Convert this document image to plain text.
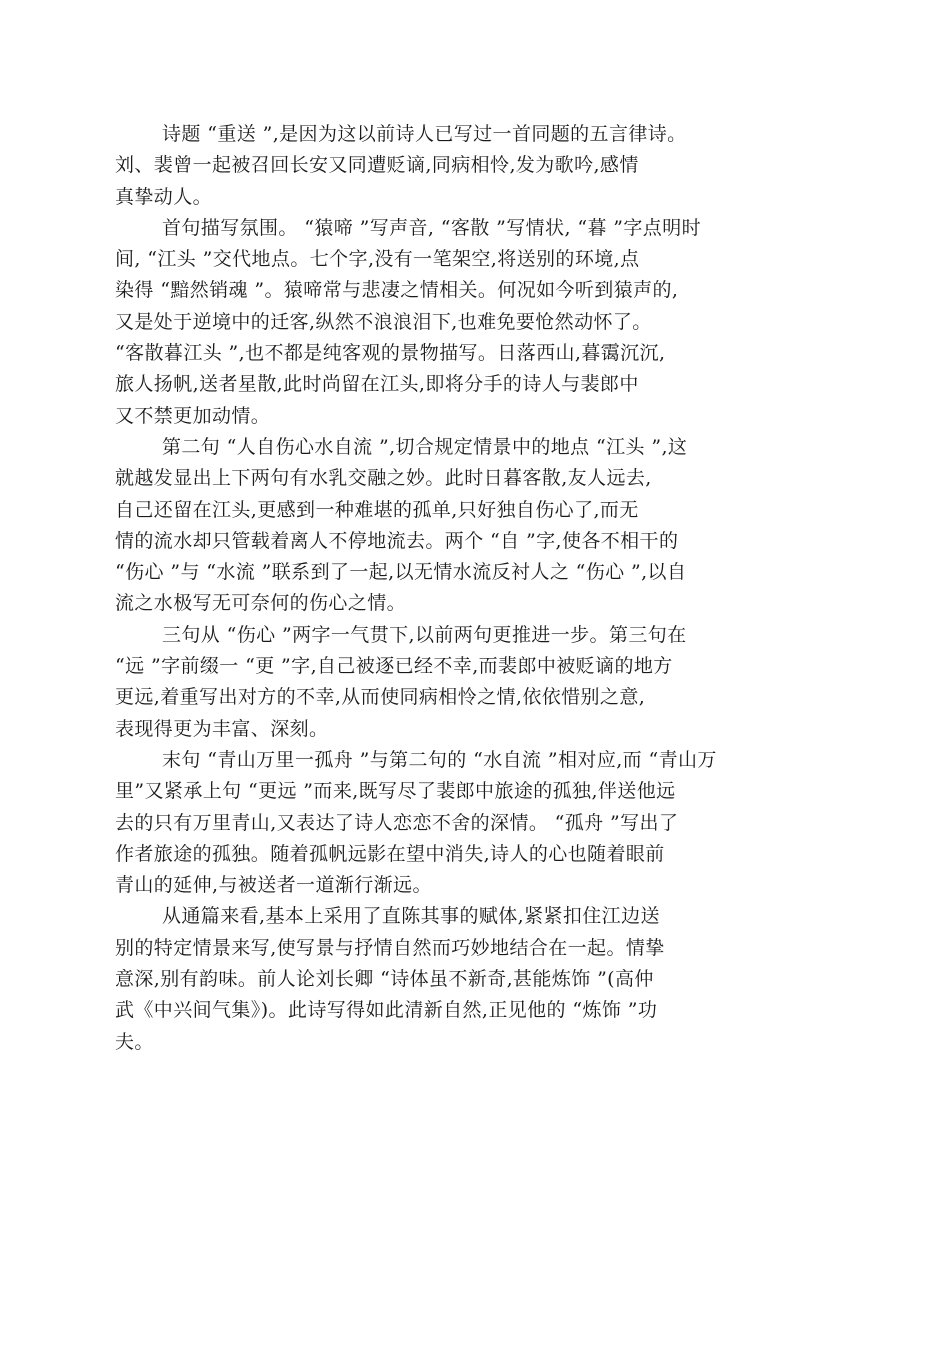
诗题 “重送 ”,是因为这以前诗人已写过一首同题的五言律诗。
刘、裴曾一起被召回长安又同遭贬谪,同病相怜,发为歌吟,感情
真挚动人。
首句描写氛围。 “猿啼 ”写声音, “客散 ”写情状, “暮 ”字点明时
间, “江头 ”交代地点。七个字,没有一笔架空,将送别的环境,点
染得 “黯然销魂 ”。猿啼常与悲凄之情相关。何况如今听到猿声的,
又是处于逆境中的迁客,纵然不浪浪泪下,也难免要怆然动怀了。
“客散暮江头 ”,也不都是纯客观的景物描写。日落西山,暮霭沉沉,
旅人扬帆,送者星散,此时尚留在江头,即将分手的诗人与裴郎中
又不禁更加动情。
第二句 “人自伤心水自流 ”,切合规定情景中的地点 “江头 ”,这
就越发显出上下两句有水乳交融之妙。此时日暮客散,友人远去,
自己还留在江头,更感到一种难堪的孤单,只好独自伤心了,而无
情的流水却只管载着离人不停地流去。两个 “自 ”字,使各不相干的
“伤心 ”与 “水流 ”联系到了一起,以无情水流反衬人之 “伤心 ”,以自
流之水极写无可奈何的伤心之情。
三句从 “伤心 ”两字一气贯下,以前两句更推进一步。第三句在
“远 ”字前缀一 “更 ”字,自己被逐已经不幸,而裴郎中被贬谪的地方
更远,着重写出对方的不幸,从而使同病相怜之情,依依惜别之意,
表现得更为丰富、深刻。
末句 “青山万里一孤舟 ”与第二句的 “水自流 ”相对应,而 “青山万
里”又紧承上句 “更远 ”而来,既写尽了裴郎中旅途的孤独,伴送他远
去的只有万里青山,又表达了诗人恋恋不舍的深情。 “孤舟 ”写出了
作者旅途的孤独。随着孤帆远影在望中消失,诗人的心也随着眼前
青山的延伸,与被送者一道渐行渐远。
从通篇来看,基本上采用了直陈其事的赋体,紧紧扣住江边送
别的特定情景来写,使写景与抒情自然而巧妙地结合在一起。情挚
意深,别有韵味。前人论刘长卿 “诗体虽不新奇,甚能炼饰 ”(高仲
武《中兴间气集》)。此诗写得如此清新自然,正见他的 “炼饰 ”功
夫。
